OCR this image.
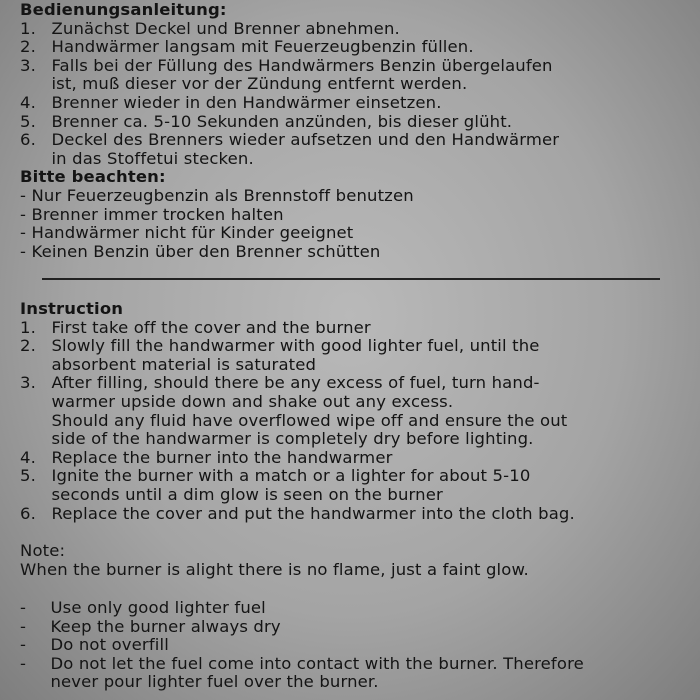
Bedienungsanleitung:
1. Zunächst Deckel und Brenner abnehmen.
2. Handwärmer langsam mit Feuerzeugbenzin füllen.
3. Falls bei der Füllung des Handwärmers Benzin übergelaufen
ist, muß dieser vor der Zündung entfernt werden.
4. Brenner wieder in den Handwärmer einsetzen.
5. Brenner ca. 5-10 Sekunden anzünden, bis dieser glüht.
6. Deckel des Brenners wieder aufsetzen und den Handwärmer
in das Stoffetui stecken.
Bitte beachten:
- Nur Feuerzeugbenzin als Brennstoff benutzen
- Brenner immer trocken halten
- Handwärmer nicht für Kinder geeignet
- Keinen Benzin über den Brenner schütten
Instruction
1. First take off the cover and the burner
2. Slowly fill the handwarmer with good lighter fuel, until the
absorbent material is saturated
3. After filling, should there be any excess of fuel, turn hand-
warmer upside down and shake out any excess.
Should any fluid have overflowed wipe off and ensure the out
side of the handwarmer is completely dry before lighting.
4. Replace the burner into the handwarmer
5. Ignite the burner with a match or a lighter for about 5-10
seconds until a dim glow is seen on the burner
6. Replace the cover and put the handwarmer into the cloth bag.
Note:
When the burner is alight there is no flame, just a faint glow.
- Use only good lighter fuel
- Keep the burner always dry
- Do not overfill
- Do not let the fuel come into contact with the burner. Therefore
never pour lighter fuel over the burner.
